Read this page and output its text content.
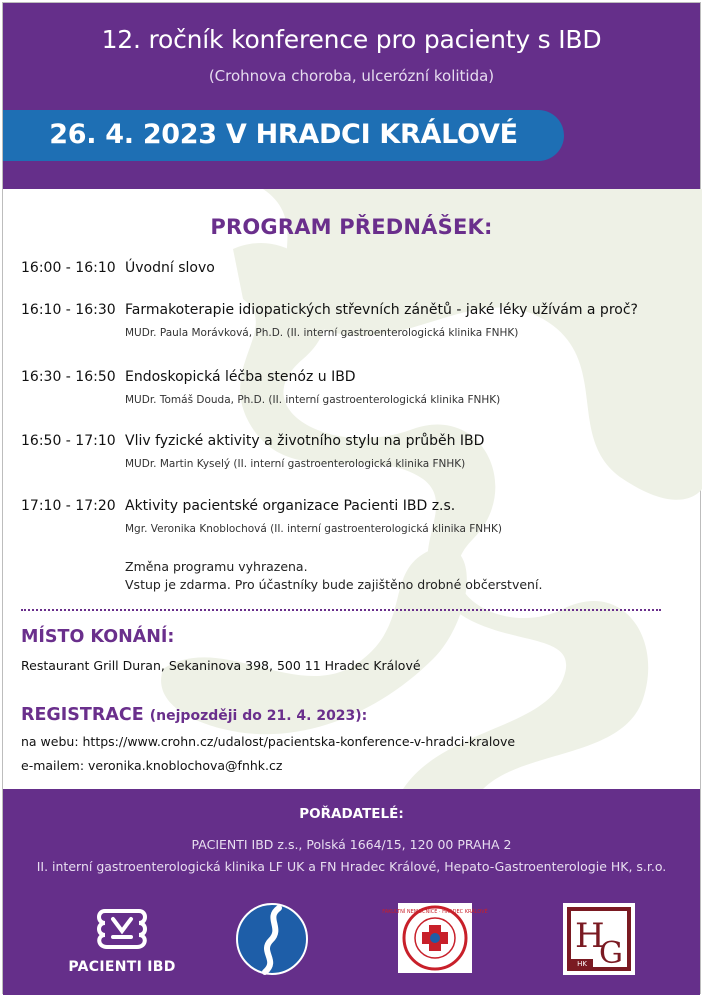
12. ročník konference pro pacienty s IBD
(Crohnova choroba, ulcerózní kolitida)
26. 4. 2023 V HRADCI KRÁLOVÉ
PROGRAM PŘEDNÁŠEK:
16:00 - 16:10 Úvodní slovo
16:10 - 16:30 Farmakoterapie idiopatických střevních zánětů - jaké léky užívám a proč?
MUDr. Paula Morávková, Ph.D. (II. interní gastroenterologická klinika FNHK)
16:30 - 16:50 Endoskopická léčba stenóz u IBD
MUDr. Tomáš Douda, Ph.D. (II. interní gastroenterologická klinika FNHK)
16:50 - 17:10 Vliv fyzické aktivity a životního stylu na průběh IBD
MUDr. Martin Kyselý (II. interní gastroenterologická klinika FNHK)
17:10 - 17:20 Aktivity pacientské organizace Pacienti IBD z.s.
Mgr. Veronika Knoblochová (II. interní gastroenterologická klinika FNHK)
Změna programu vyhrazena.
Vstup je zdarma. Pro účastníky bude zajištěno drobné občerstvení.
MÍSTO KONÁNÍ:
Restaurant Grill Duran, Sekaninova 398, 500 11 Hradec Králové
REGISTRACE (nejpozději do 21. 4. 2023):
na webu: https://www.crohn.cz/udalost/pacientska-konference-v-hradci-kralove
e-mailem: veronika.knoblochova@fnhk.cz
POŘADATELÉ:
PACIENTI IBD z.s., Polská 1664/15, 120 00 PRAHA 2
II. interní gastroenterologická klinika LF UK a FN Hradec Králové, Hepato-Gastroenterologie HK, s.r.o.
PACIENTI IBD
FAKULTNÍ NEMOCNICE · HRADEC KRÁLOVÉ
H
G
HK
